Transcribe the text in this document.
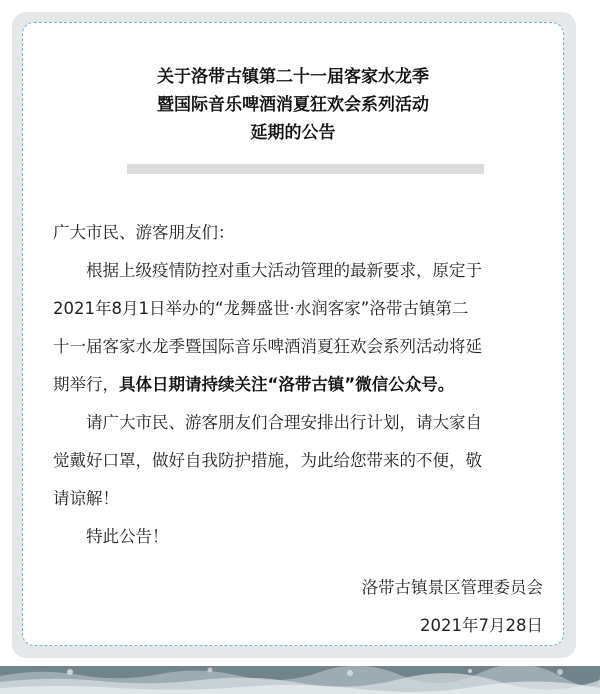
关于洛带古镇第二十一届客家水龙季
暨国际音乐啤酒消夏狂欢会系列活动
延期的公告

广大市民、游客朋友们：

根据上级疫情防控对重大活动管理的最新要求，原定于

2021年8月1日举办的“龙舞盛世·水润客家”洛带古镇第二

十一届客家水龙季暨国际音乐啤酒消夏狂欢会系列活动将延

期举行，具体日期请持续关注“洛带古镇”微信公众号。

请广大市民、游客朋友们合理安排出行计划，请大家自

觉戴好口罩，做好自我防护措施，为此给您带来的不便，敬

请谅解！

特此公告！

洛带古镇景区管理委员会
2021年7月28日
